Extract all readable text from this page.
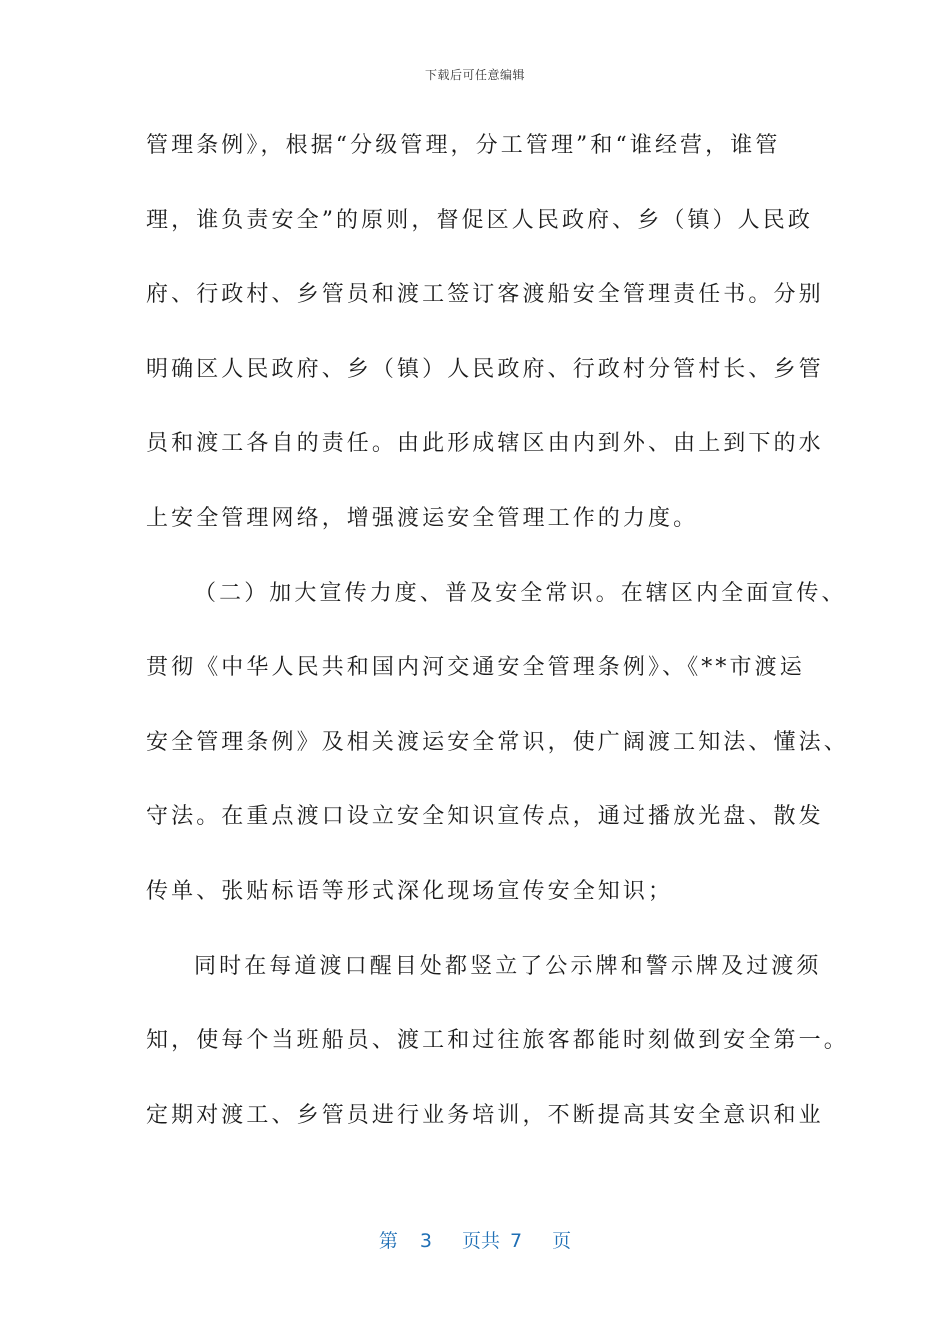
下载后可任意编辑
管理条例》，根据“分级管理，分工管理”和“谁经营，谁管
理，谁负责安全”的原则，督促区人民政府、乡（镇）人民政
府、行政村、乡管员和渡工签订客渡船安全管理责任书。分别
明确区人民政府、乡（镇）人民政府、行政村分管村长、乡管
员和渡工各自的责任。由此形成辖区由内到外、由上到下的水
上安全管理网络，增强渡运安全管理工作的力度。
（二）加大宣传力度、普及安全常识。在辖区内全面宣传、
贯彻《中华人民共和国内河交通安全管理条例》、《**市渡运
安全管理条例》及相关渡运安全常识，使广阔渡工知法、懂法、
守法。在重点渡口设立安全知识宣传点，通过播放光盘、散发
传单、张贴标语等形式深化现场宣传安全知识；
同时在每道渡口醒目处都竖立了公示牌和警示牌及过渡须
知，使每个当班船员、渡工和过往旅客都能时刻做到安全第一。
定期对渡工、乡管员进行业务培训，不断提高其安全意识和业
第 3 页共 7 页
